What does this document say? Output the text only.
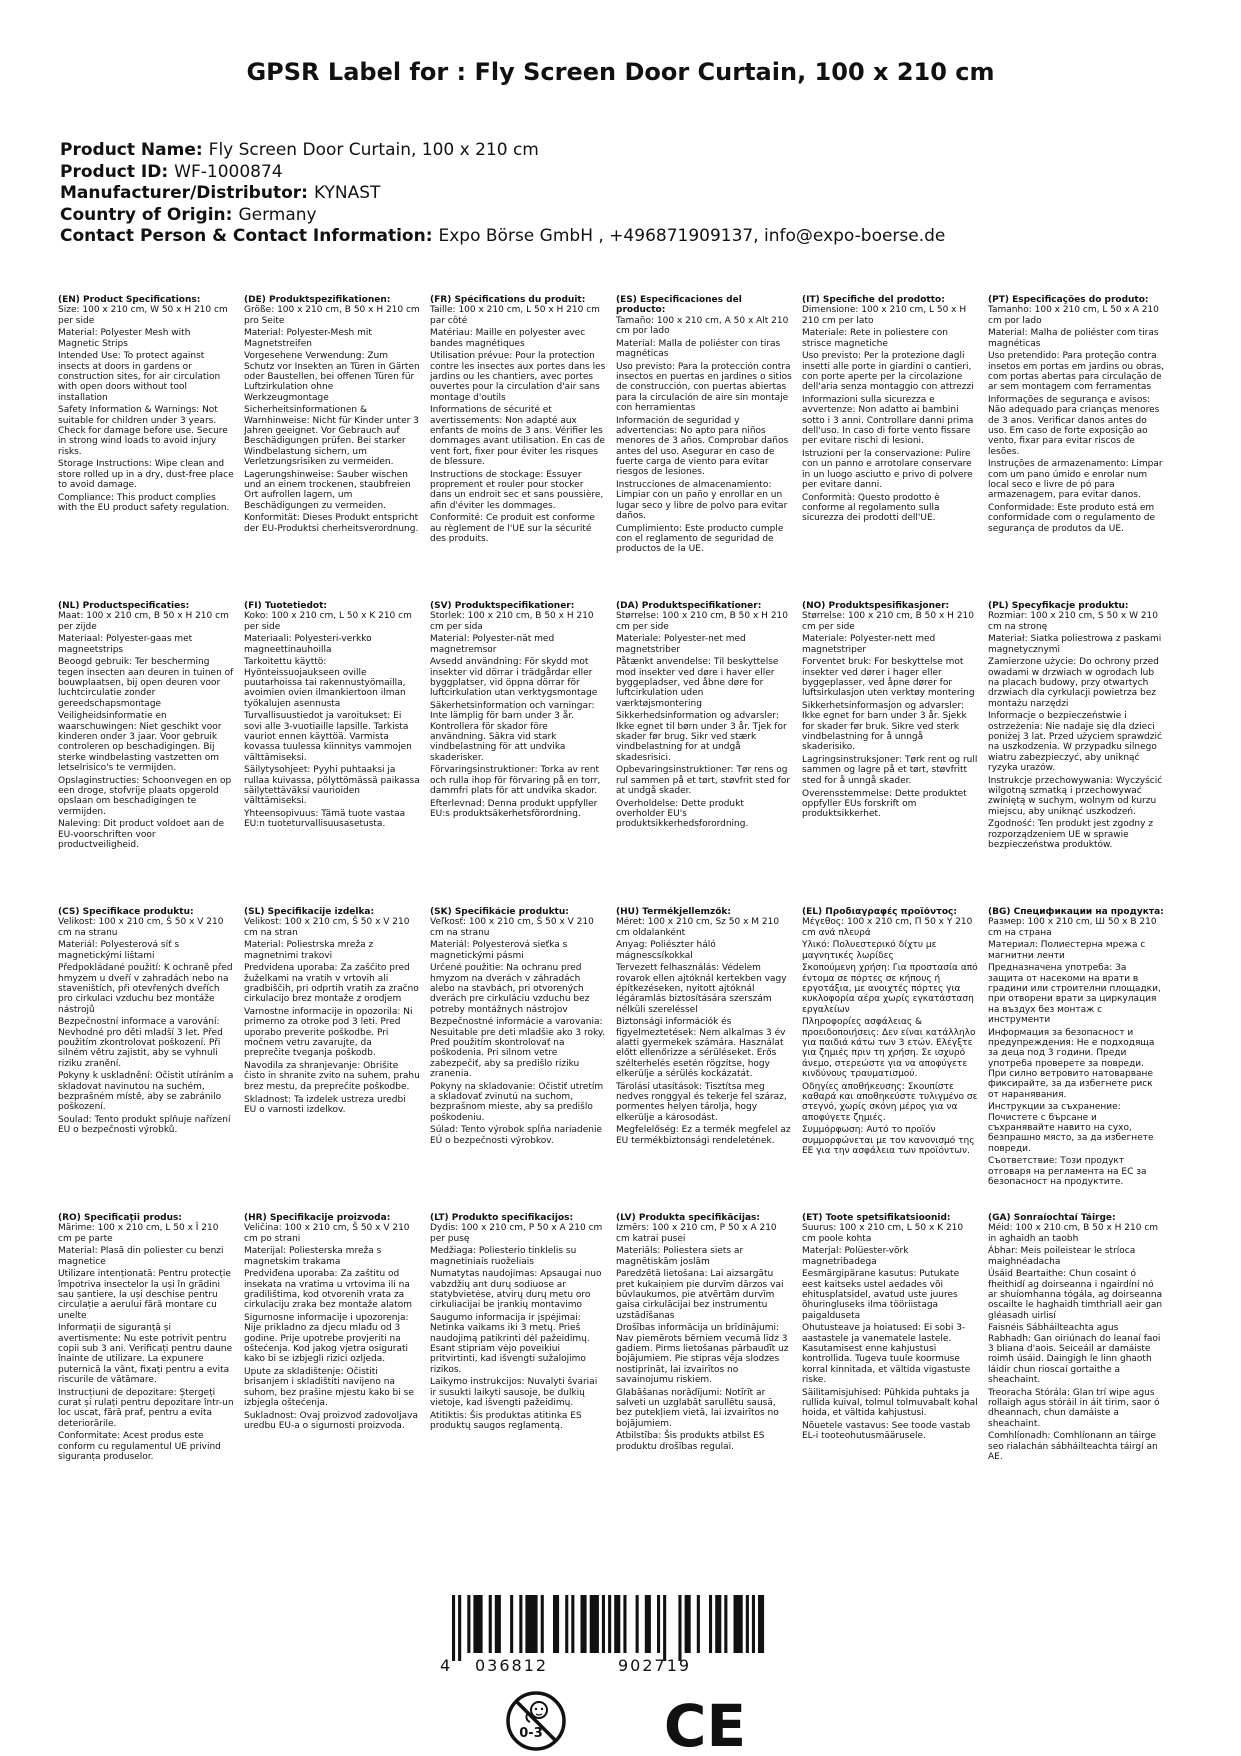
GPSR Label for : Fly Screen Door Curtain, 100 x 210 cm
Product Name: Fly Screen Door Curtain, 100 x 210 cm
Product ID: WF-1000874
Manufacturer/Distributor: KYNAST
Country of Origin: Germany
Contact Person & Contact Information: Expo Börse GmbH , +496871909137, info@expo-boerse.de
(EN) Product Specifications:

Size: 100 x 210 cm, W 50 x H 210 cm per side

Material: Polyester Mesh with Magnetic Strips

Intended Use: To protect against insects at doors in gardens or construction sites, for air circulation with open doors without tool installation

Safety Information & Warnings: Not suitable for children under 3 years. Check for damage before use. Secure in strong wind loads to avoid injury risks.

Storage Instructions: Wipe clean and store rolled up in a dry, dust-free place to avoid damage.

Compliance: This product complies with the EU product safety regulation.

(DE) Produktspezifikationen:

Größe: 100 x 210 cm, B 50 x H 210 cm pro Seite

Material: Polyester-Mesh mit Magnetstreifen

Vorgesehene Verwendung: Zum Schutz vor Insekten an Türen in Gärten oder Baustellen, bei offenen Türen für Luftzirkulation ohne Werkzeugmontage

Sicherheitsinformationen & Warnhinweise: Nicht für Kinder unter 3 Jahren geeignet. Vor Gebrauch auf Beschädigungen prüfen. Bei starker Windbelastung sichern, um Verletzungsrisiken zu vermeiden.

Lagerungshinweise: Sauber wischen und an einem trockenen, staubfreien Ort aufrollen lagern, um Beschädigungen zu vermeiden.

Konformität: Dieses Produkt entspricht der EU-Produktsi cherheitsverordnung.

(FR) Spécifications du produit:

Taille: 100 x 210 cm, L 50 x H 210 cm par côté

Matériau: Maille en polyester avec bandes magnétiques

Utilisation prévue: Pour la protection contre les insectes aux portes dans les jardins ou les chantiers, avec portes ouvertes pour la circulation d'air sans montage d'outils

Informations de sécurité et avertissements: Non adapté aux enfants de moins de 3 ans. Vérifier les dommages avant utilisation. En cas de vent fort, fixer pour éviter les risques de blessure.

Instructions de stockage: Essuyer proprement et rouler pour stocker dans un endroit sec et sans poussière, afin d'éviter les dommages.

Conformité: Ce produit est conforme au règlement de l'UE sur la sécurité des produits.

(ES) Especificaciones del producto:

Tamaño: 100 x 210 cm, A 50 x Alt 210 cm por lado

Material: Malla de poliéster con tiras magnéticas

Uso previsto: Para la protección contra insectos en puertas en jardines o sitios de construcción, con puertas abiertas para la circulación de aire sin montaje con herramientas

Información de seguridad y advertencias: No apto para niños menores de 3 años. Comprobar daños antes del uso. Asegurar en caso de fuerte carga de viento para evitar riesgos de lesiones.

Instrucciones de almacenamiento: Limpiar con un paño y enrollar en un lugar seco y libre de polvo para evitar daños.

Cumplimiento: Este producto cumple con el reglamento de seguridad de productos de la UE.

(IT) Specifiche del prodotto:

Dimensione: 100 x 210 cm, L 50 x H 210 cm per lato

Materiale: Rete in poliestere con strisce magnetiche

Uso previsto: Per la protezione dagli insetti alle porte in giardini o cantieri, con porte aperte per la circolazione dell'aria senza montaggio con attrezzi

Informazioni sulla sicurezza e avvertenze: Non adatto ai bambini sotto i 3 anni. Controllare danni prima dell'uso. In caso di forte vento fissare per evitare rischi di lesioni.

Istruzioni per la conservazione: Pulire con un panno e arrotolare conservare in un luogo asciutto e privo di polvere per evitare danni.

Conformità: Questo prodotto è conforme al regolamento sulla sicurezza dei prodotti dell'UE.

(PT) Especificações do produto:

Tamanho: 100 x 210 cm, L 50 x A 210 cm por lado

Material: Malha de poliéster com tiras magnéticas

Uso pretendido: Para proteção contra insetos em portas em jardins ou obras, com portas abertas para circulação de ar sem montagem com ferramentas

Informações de segurança e avisos: Não adequado para crianças menores de 3 anos. Verificar danos antes do uso. Em caso de forte exposição ao vento, fixar para evitar riscos de lesões.

Instruções de armazenamento: Limpar com um pano úmido e enrolar num local seco e livre de pó para armazenagem, para evitar danos.

Conformidade: Este produto está em conformidade com o regulamento de segurança de produtos da UE.

(NL) Productspecificaties:

Maat: 100 x 210 cm, B 50 x H 210 cm per zijde

Materiaal: Polyester-gaas met magneetstrips

Beoogd gebruik: Ter bescherming tegen insecten aan deuren in tuinen of bouwplaatsen, bij open deuren voor luchtcirculatie zonder gereedschapsmontage

Veiligheidsinformatie en waarschuwingen: Niet geschikt voor kinderen onder 3 jaar. Voor gebruik controleren op beschadigingen. Bij sterke windbelasting vastzetten om letselrisico's te vermijden.

Opslaginstructies: Schoonvegen en op een droge, stofvrije plaats opgerold opslaan om beschadigingen te vermijden.

Naleving: Dit product voldoet aan de EU-voorschriften voor productveiligheid.

(FI) Tuotetiedot:

Koko: 100 x 210 cm, L 50 x K 210 cm per side

Materiaali: Polyesteri-verkko magneettinauhoilla

Tarkoitettu käyttö: Hyönteissuojaukseen oville puutarhoissa tai rakennustyömailla, avoimien ovien ilmankiertoon ilman työkalujen asennusta

Turvallisuustiedot ja varoitukset: Ei sovi alle 3-vuotiaille lapsille. Tarkista vauriot ennen käyttöä. Varmista kovassa tuulessa kiinnitys vammojen välttämiseksi.

Säilytysohjeet: Pyyhi puhtaaksi ja rullaa kuivassa, pölyttömässä paikassa säilytettäväksi vaurioiden välttämiseksi.

Yhteensopivuus: Tämä tuote vastaa EU:n tuoteturvallisuusasetusta.

(SV) Produktspecifikationer:

Storlek: 100 x 210 cm, B 50 x H 210 cm per sida

Material: Polyester-nät med magnetremsor

Avsedd användning: För skydd mot insekter vid dörrar i trädgårdar eller byggplatser, vid öppna dörrar för luftcirkulation utan verktygsmontage

Säkerhetsinformation och varningar: Inte lämplig för barn under 3 år. Kontrollera för skador före användning. Säkra vid stark vindbelastning för att undvika skaderisker.

Förvaringsinstruktioner: Torka av rent och rulla ihop för förvaring på en torr, dammfri plats för att undvika skador.

Efterlevnad: Denna produkt uppfyller EU:s produktsäkerhetsförordning.

(DA) Produktspecifikationer:

Størrelse: 100 x 210 cm, B 50 x H 210 cm per side

Materiale: Polyester-net med magnetstriber

Påtænkt anvendelse: Til beskyttelse mod insekter ved døre i haver eller byggepladser, ved åbne døre for luftcirkulation uden værktøjsmontering

Sikkerhedsinformation og advarsler: Ikke egnet til børn under 3 år. Tjek for skader før brug. Sikr ved stærk vindbelastning for at undgå skadesrisici.

Opbevaringsinstruktioner: Tør rens og rul sammen på et tørt, støvfrit sted for at undgå skader.

Overholdelse: Dette produkt overholder EU's produktsikkerhedsforordning.

(NO) Produktspesifikasjoner:

Størrelse: 100 x 210 cm, B 50 x H 210 cm per side

Materiale: Polyester-nett med magnetstriper

Forventet bruk: For beskyttelse mot insekter ved dører i hager eller byggeplasser, ved åpne dører for luftsirkulasjon uten verktøy montering

Sikkerhetsinformasjon og advarsler: Ikke egnet for barn under 3 år. Sjekk for skader før bruk. Sikre ved sterk vindbelastning for å unngå skaderisiko.

Lagringsinstruksjoner: Tørk rent og rull sammen og lagre på et tørt, støvfritt sted for å unngå skader.

Overensstemmelse: Dette produktet oppfyller EUs forskrift om produktsikkerhet.

(PL) Specyfikacje produktu:

Rozmiar: 100 x 210 cm, S 50 x W 210 cm na stronę

Materiał: Siatka poliestrowa z paskami magnetycznymi

Zamierzone użycie: Do ochrony przed owadami w drzwiach w ogrodach lub na placach budowy, przy otwartych drzwiach dla cyrkulacji powietrza bez montażu narzędzi

Informacje o bezpieczeństwie i ostrzeżenia: Nie nadaje się dla dzieci poniżej 3 lat. Przed użyciem sprawdzić na uszkodzenia. W przypadku silnego wiatru zabezpieczyć, aby uniknąć ryzyka urazów.

Instrukcje przechowywania: Wyczyścić wilgotną szmatką i przechowywać zwiniętą w suchym, wolnym od kurzu miejscu, aby uniknąć uszkodzeń.

Zgodność: Ten produkt jest zgodny z rozporządzeniem UE w sprawie bezpieczeństwa produktów.

(CS) Specifikace produktu:

Velikost: 100 x 210 cm, Š 50 x V 210 cm na stranu

Materiál: Polyesterová síť s magnetickými lištami

Předpokládané použití: K ochraně před hmyzem u dveří v zahradách nebo na staveništích, při otevřených dveřích pro cirkulaci vzduchu bez montáže nástrojů

Bezpečnostní informace a varování: Nevhodné pro děti mladší 3 let. Před použitím zkontrolovat poškození. Při silném větru zajistit, aby se vyhnuli riziku zranění.

Pokyny k uskladnění: Očistit utíráním a skladovat navinutou na suchém, bezprašném místě, aby se zabránilo poškození.

Soulad: Tento produkt splňuje nařízení EU o bezpečnosti výrobků.

(SL) Specifikacije izdelka:

Velikost: 100 x 210 cm, Š 50 x V 210 cm na stran

Material: Poliestrska mreža z magnetnimi trakovi

Predvidena uporaba: Za zaščito pred žuželkami na vratih v vrtovih ali gradbiščih, pri odprtih vratih za zračno cirkulacijo brez montaže z orodjem

Varnostne informacije in opozorila: Ni primerno za otroke pod 3 leti. Pred uporabo preverite poškodbe. Pri močnem vetru zavarujte, da preprečite tveganja poškodb.

Navodila za shranjevanje: Obrišite čisto in shranite zvito na suhem, prahu brez mestu, da preprečite poškodbe.

Skladnost: Ta izdelek ustreza uredbi EU o varnosti izdelkov.

(SK) Špecifikácie produktu:

Veľkosť: 100 x 210 cm, Š 50 x V 210 cm na stranu

Materiál: Polyesterová sieťka s magnetickými pásmi

Určené použitie: Na ochranu pred hmyzom na dverách v záhradách alebo na stavbách, pri otvorených dverách pre cirkuláciu vzduchu bez potreby montážnych nástrojov

Bezpečnostné informácie a varovania: Nesuitable pre deti mladšie ako 3 roky. Pred použitím skontrolovať na poškodenia. Pri silnom vetre zabezpečiť, aby sa predišlo riziku zranenia.

Pokyny na skladovanie: Očistiť utretím a skladovať zvinutú na suchom, bezprašnom mieste, aby sa predišlo poškodeniu.

Súlad: Tento výrobok spĺňa nariadenie EÚ o bezpečnosti výrobkov.

(HU) Termékjellemzők:

Méret: 100 x 210 cm, Sz 50 x M 210 cm oldalanként

Anyag: Poliészter háló mágnescsíkokkal

Tervezett felhasználás: Védelem rovarok ellen ajtóknál kertekben vagy építkezéseken, nyitott ajtóknál légáramlás biztosítására szerszám nélküli szereléssel

Biztonsági információk és figyelmeztetések: Nem alkalmas 3 év alatti gyermekek számára. Használat előtt ellenőrizze a sérüléseket. Erős szélterhelés esetén rögzítse, hogy elkerülje a sérülés kockázatát.

Tárolási utasítások: Tisztítsa meg nedves ronggyal és tekerje fel száraz, pormentes helyen tárolja, hogy elkerülje a károsodást.

Megfelelőség: Ez a termék megfelel az EU termékbiztonsági rendeletének.

(EL) Προδιαγραφές προϊόντος:

Μέγεθος: 100 x 210 cm, Π 50 x Υ 210 cm ανά πλευρά

Υλικό: Πολυεστερικό δίχτυ με μαγνητικές λωρίδες

Σκοπούμενη χρήση: Για προστασία από έντομα σε πόρτες σε κήπους ή εργοτάξια, με ανοιχτές πόρτες για κυκλοφορία αέρα χωρίς εγκατάσταση εργαλείων

Πληροφορίες ασφάλειας & προειδοποιήσεις: Δεν είναι κατάλληλο για παιδιά κάτω των 3 ετών. Ελέγξτε για ζημιές πριν τη χρήση. Σε ισχυρό άνεμο, στερεώστε για να αποφύγετε κινδύνους τραυματισμού.

Οδηγίες αποθήκευσης: Σκουπίστε καθαρά και αποθηκεύστε τυλιγμένο σε στεγνό, χωρίς σκόνη μέρος για να αποφύγετε ζημιές.

Συμμόρφωση: Αυτό το προϊόν συμμορφώνεται με τον κανονισμό της ΕΕ για την ασφάλεια των προϊόντων.

(BG) Спецификации на продукта:

Размер: 100 x 210 cm, Ш 50 x В 210 cm на страна

Материал: Полиестерна мрежа с магнитни ленти

Предназначена употреба: За защита от насекоми на врати в градини или строителни площадки, при отворени врати за циркулация на въздух без монтаж с инструменти

Информация за безопасност и предупреждения: Не е подходяща за деца под 3 години. Преди употреба проверете за повреди. При силно ветровито натоварване фиксирайте, за да избегнете риск от наранявания.

Инструкции за съхранение: Почистете с бърсане и съхранявайте навито на сухо, безпрашно място, за да избегнете повреди.

Съответствие: Този продукт отговаря на регламента на ЕС за безопасност на продуктите.

(RO) Specificații produs:

Mărime: 100 x 210 cm, L 50 x Î 210 cm pe parte

Material: Plasă din poliester cu benzi magnetice

Utilizare intenționată: Pentru protecție împotriva insectelor la uși în grădini sau șantiere, la uși deschise pentru circulație a aerului fără montare cu unelte

Informații de siguranță și avertismente: Nu este potrivit pentru copii sub 3 ani. Verificați pentru daune înainte de utilizare. La expunere puternică la vânt, fixați pentru a evita riscurile de vătămare.

Instrucțiuni de depozitare: Ștergeți curat și rulați pentru depozitare într-un loc uscat, fără praf, pentru a evita deteriorările.

Conformitate: Acest produs este conform cu regulamentul UE privind siguranța produselor.

(HR) Specifikacije proizvoda:

Veličina: 100 x 210 cm, Š 50 x V 210 cm po strani

Materijal: Poliesterska mreža s magnetskim trakama

Predviđena uporaba: Za zaštitu od insekata na vratima u vrtovima ili na gradilištima, kod otvorenih vrata za cirkulaciju zraka bez montaže alatom

Sigurnosne informacije i upozorenja: Nije prikladno za djecu mlađu od 3 godine. Prije upotrebe provjeriti na oštećenja. Kod jakog vjetra osigurati kako bi se izbjegli rizici ozljeda.

Upute za skladištenje: Očistiti brisanjem i skladištiti navijeno na suhom, bez prašine mjestu kako bi se izbjegla oštećenja.

Sukladnost: Ovaj proizvod zadovoljava uredbu EU-a o sigurnosti proizvoda.

(LT) Produkto specifikacijos:

Dydis: 100 x 210 cm, P 50 x A 210 cm per pusę

Medžiaga: Poliesterio tinklelis su magnetiniais ruoželiais

Numatytas naudojimas: Apsaugai nuo vabzdžių ant durų sodiuose ar statybvietėse, atvirų durų metu oro cirkuliacijai be įrankių montavimo

Saugumo informacija ir įspėjimai: Netinka vaikams iki 3 metų. Prieš naudojimą patikrinti dėl pažeidimų. Esant stipriam vėjo poveikiui pritvirtinti, kad išvengti sužalojimo rizikos.

Laikymo instrukcijos: Nuvalyti švariai ir susukti laikyti sausoje, be dulkių vietoje, kad išvengti pažeidimų.

Atitiktis: Šis produktas atitinka ES produktų saugos reglamentą.

(LV) Produkta specifikācijas:

Izmērs: 100 x 210 cm, P 50 x A 210 cm katrai pusei

Materiāls: Poliestera siets ar magnētiskām joslām

Paredzētā lietošana: Lai aizsargātu pret kukaiņiem pie durvīm dārzos vai būvlaukumos, pie atvērtām durvīm gaisa cirkulācijai bez instrumentu uzstādīšanas

Drošības informācija un brīdinājumi: Nav piemērots bērniem vecumā līdz 3 gadiem. Pirms lietošanas pārbaudīt uz bojājumiem. Pie stipras vēja slodzes nostiprināt, lai izvairītos no savainojumu riskiem.

Glabāšanas norādījumi: Notīrīt ar salveti un uzglabāt sarullētu sausā, bez putekļiem vietā, lai izvairītos no bojājumiem.

Atbilstība: Šis produkts atbilst ES produktu drošības regulai.

(ET) Toote spetsifikatsioonid:

Suurus: 100 x 210 cm, L 50 x K 210 cm poole kohta

Materjal: Polüester-võrk magnetribadega

Eesmärgipärane kasutus: Putukate eest kaitseks ustel aedades või ehitusplatsidel, avatud uste juures õhuringluseks ilma tööriistaga paigalduseta

Ohutusteave ja hoiatused: Ei sobi 3-aastastele ja vanematele lastele. Kasutamisest enne kahjustusi kontrollida. Tugeva tuule koormuse korral kinnitada, et vältida vigastuste riske.

Säilitamisjuhised: Pühkida puhtaks ja rullida kuival, tolmul tolmuvabalt kohal hoida, et vältida kahjustusi.

Nõuetele vastavus: See toode vastab EL-i tooteohutusmäärusele.

(GA) Sonraíochtaí Táirge:

Méid: 100 x 210 cm, B 50 x H 210 cm in aghaidh an taobh

Ábhar: Meis poileistear le stríoca maighnéadacha

Úsáid Beartaithe: Chun cosaint ó fheithidí ag doirseanna i ngairdíní nó ar shuíomhanna tógála, ag doirseanna oscailte le haghaidh timthriall aeir gan gléasadh uirlisí

Faisnéis Sábháilteachta agus Rabhadh: Gan oiriúnach do leanaí faoi 3 bliana d'aois. Seiceáil ar damáiste roimh úsáid. Daingigh le linn ghaoth láidir chun rioscaí gortaithe a sheachaint.

Treoracha Stórála: Glan trí wipe agus rollaigh agus stóráil in áit tirim, saor ó dheannach, chun damáiste a sheachaint.

Comhlíonadh: Comhlíonann an táirge seo rialachán sábháilteachta táirgí an AE.

4 036812	902719
0-3 CE
